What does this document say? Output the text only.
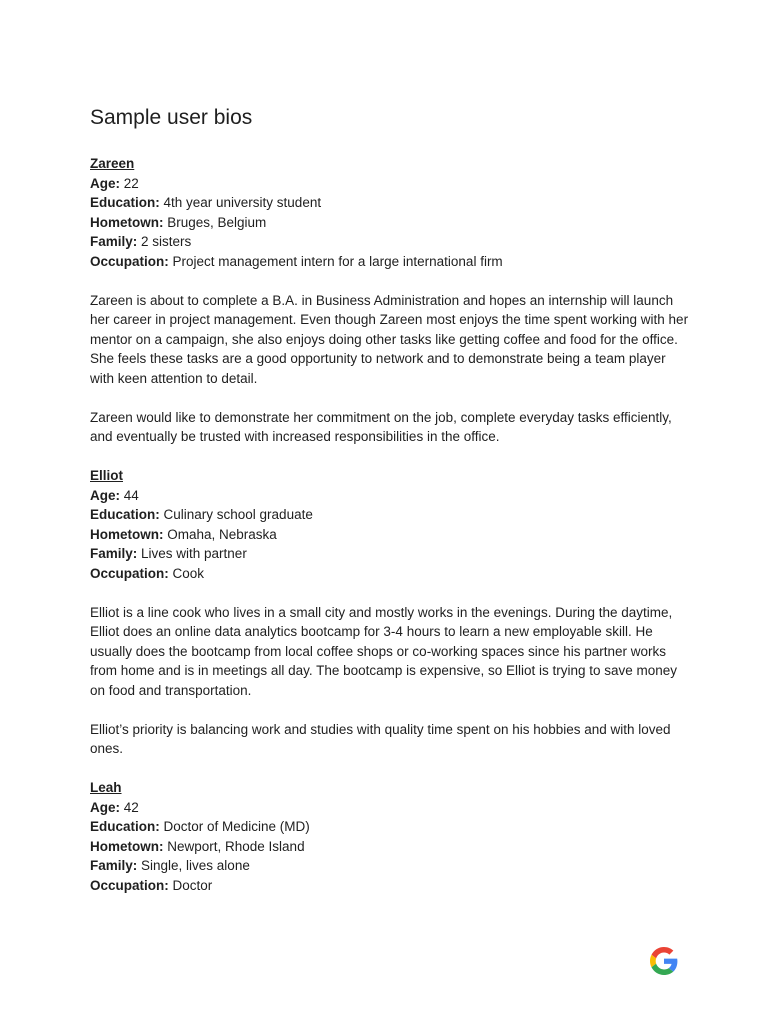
Sample user bios
Zareen
Age: 22
Education: 4th year university student
Hometown: Bruges, Belgium
Family: 2 sisters
Occupation: Project management intern for a large international firm

Zareen is about to complete a B.A. in Business Administration and hopes an internship will launch her career in project management. Even though Zareen most enjoys the time spent working with her mentor on a campaign, she also enjoys doing other tasks like getting coffee and food for the office. She feels these tasks are a good opportunity to network and to demonstrate being a team player with keen attention to detail.

Zareen would like to demonstrate her commitment on the job, complete everyday tasks efficiently, and eventually be trusted with increased responsibilities in the office.

Elliot
Age: 44
Education: Culinary school graduate
Hometown: Omaha, Nebraska
Family: Lives with partner
Occupation: Cook

Elliot is a line cook who lives in a small city and mostly works in the evenings. During the daytime, Elliot does an online data analytics bootcamp for 3-4 hours to learn a new employable skill. He usually does the bootcamp from local coffee shops or co-working spaces since his partner works from home and is in meetings all day. The bootcamp is expensive, so Elliot is trying to save money on food and transportation.

Elliot’s priority is balancing work and studies with quality time spent on his hobbies and with loved ones.

Leah
Age: 42
Education: Doctor of Medicine (MD)
Hometown: Newport, Rhode Island
Family: Single, lives alone
Occupation: Doctor
